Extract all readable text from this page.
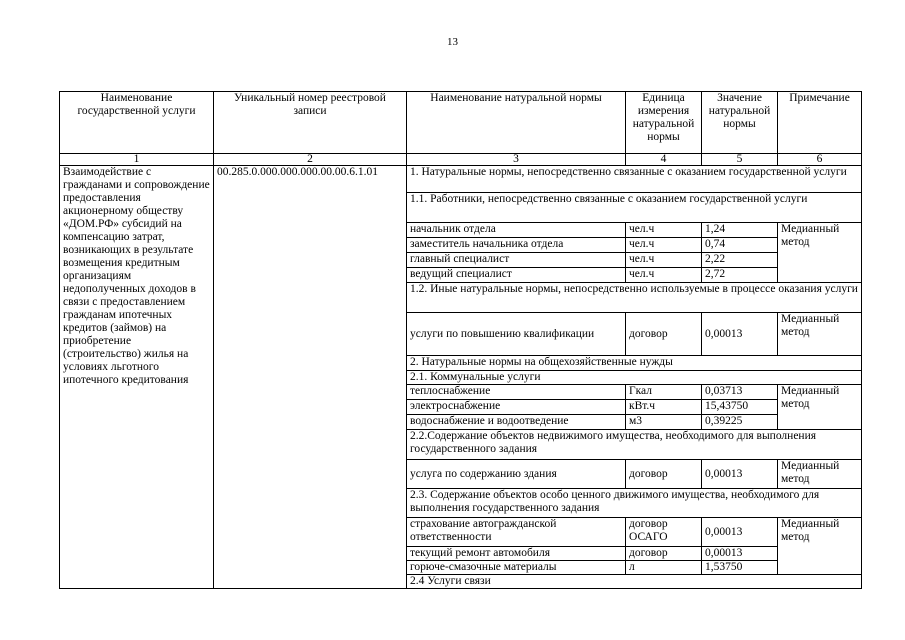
13
Наименование государственной услуги	Уникальный номер реестровой записи	Наименование натуральной нормы	Единица измерения натуральной нормы	Значение натуральной нормы	Примечание
1	2	3	4	5	6
Взаимодействие с гражданами и сопровождение предоставления акционерному обществу «ДОМ.РФ» субсидий на компенсацию затрат, возникающих в результате возмещения кредитным организациям недополученных доходов в связи с предоставлением гражданам ипотечных кредитов (займов) на приобретение (строительство) жилья на условиях льготного ипотечного кредитования	00.285.0.000.000.000.00.00.6.1.01	1. Натуральные нормы, непосредственно связанные с оказанием государственной услуги			
		1.1. Работники, непосредственно связанные с оказанием государственной услуги			
		начальник отдела	чел.ч	1,24	Медианный метод
		заместитель начальника отдела	чел.ч	0,74	
		главный специалист	чел.ч	2,22	
		ведущий специалист	чел.ч	2,72	
		1.2. Иные натуральные нормы, непосредственно используемые в процессе оказания услуги			
		услуги по повышению квалификации	договор	0,00013	Медианный метод
		2. Натуральные нормы на общехозяйственные нужды			
		2.1. Коммунальные услуги			
		теплоснабжение	Гкал	0,03713	Медианный метод
		электроснабжение	кВт.ч	15,43750	
		водоснабжение и водоотведение	м3	0,39225	
		2.2.Содержание объектов недвижимого имущества, необходимого для выполнения государственного задания			
		услуга по содержанию здания	договор	0,00013	Медианный метод
		2.3. Содержание объектов особо ценного движимого имущества, необходимого для выполнения государственного задания			
		страхование автогражданской ответственности	договор ОСАГО	0,00013	Медианный метод
		текущий ремонт автомобиля	договор	0,00013	
		горюче-смазочные материалы	л	1,53750	
		2.4 Услуги связи			
